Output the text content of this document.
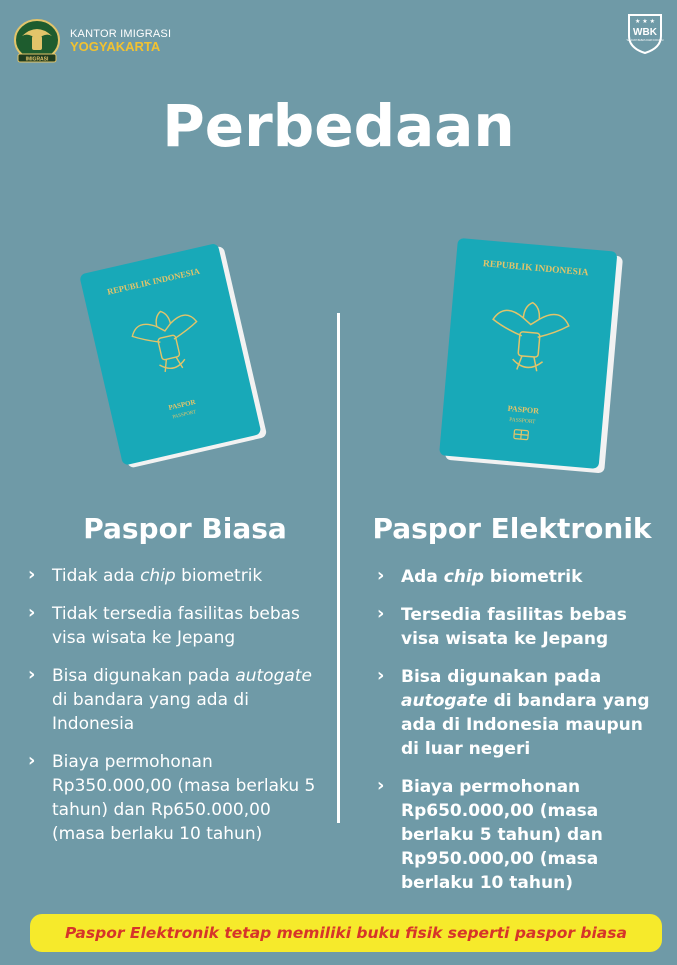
IMIGRASI
KANTOR IMIGRASI
YOGYAKARTA
★ ★ ★
WBK
WILAYAH BEBAS DARI KORUPSI
Perbedaan
REPUBLIK INDONESIA
PASPOR
PASSPORT
REPUBLIK INDONESIA
PASPOR
PASSPORT
Paspor Biasa
› Tidak ada chip biometrik
› Tidak tersedia fasilitas bebas visa wisata ke Jepang
› Bisa digunakan pada autogate di bandara yang ada di Indonesia
› Biaya permohonan Rp350.000,00 (masa berlaku 5 tahun) dan Rp650.000,00 (masa berlaku 10 tahun)
Paspor Elektronik
› Ada chip biometrik
› Tersedia fasilitas bebas visa wisata ke Jepang
› Bisa digunakan pada autogate di bandara yang ada di Indonesia maupun di luar negeri
› Biaya permohonan Rp650.000,00 (masa berlaku 5 tahun) dan Rp950.000,00 (masa berlaku 10 tahun)
Paspor Elektronik tetap memiliki buku fisik seperti paspor biasa
